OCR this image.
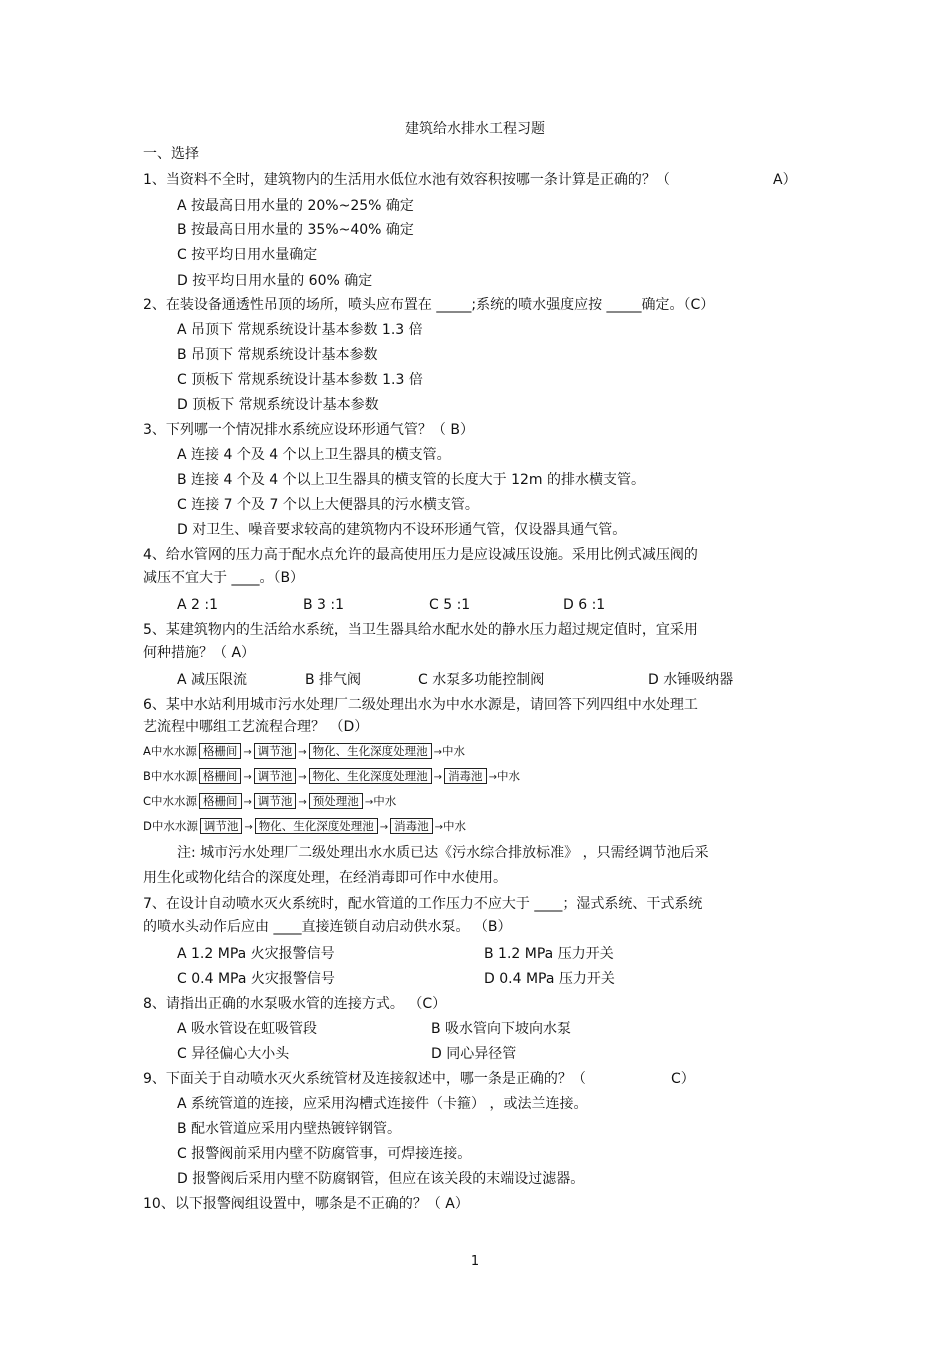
建筑给水排水工程习题
一、选择
1、当资料不全时，建筑物内的生活用水低位水池有效容积按哪一条计算是正确的？（	A）
A 按最高日用水量的 20%~25% 确定
B 按最高日用水量的 35%~40% 确定
C 按平均日用水量确定
D 按平均日用水量的 60% 确定
2、在装设备通透性吊顶的场所，喷头应布置在 _____;系统的喷水强度应按 _____确定。（C）
A 吊顶下 常规系统设计基本参数 1.3 倍
B 吊顶下 常规系统设计基本参数
C 顶板下 常规系统设计基本参数 1.3 倍
D 顶板下 常规系统设计基本参数
3、下列哪一个情况排水系统应设环形通气管？（ B）
A 连接 4 个及 4 个以上卫生器具的横支管。
B 连接 4 个及 4 个以上卫生器具的横支管的长度大于 12m 的排水横支管。
C 连接 7 个及 7 个以上大便器具的污水横支管。
D 对卫生、噪音要求较高的建筑物内不设环形通气管，仅设器具通气管。
4、给水管网的压力高于配水点允许的最高使用压力是应设减压设施。采用比例式减压阀的
减压不宜大于 ____。（B）
A 2 :1	B 3 :1	C 5 :1	D 6 :1
5、某建筑物内的生活给水系统，当卫生器具给水配水处的静水压力超过规定值时，宜采用
何种措施？（ A）
A 减压限流	B 排气阀	C 水泵多功能控制阀	D 水锤吸纳器
6、某中水站利用城市污水处理厂二级处理出水为中水水源是，请回答下列四组中水处理工
艺流程中哪组工艺流程合理？ （D）
A中水水源 格栅间 → 调节池 → 物化、生化深度处理池 →中水
B中水水源 格栅间 → 调节池 → 物化、生化深度处理池 → 消毒池 →中水
C中水水源 格栅间 → 调节池 → 预处理池 →中水
D中水水源 调节池 → 物化、生化深度处理池 → 消毒池 →中水
注: 城市污水处理厂二级处理出水水质已达《污水综合排放标准》 ，只需经调节池后采
用生化或物化结合的深度处理，在经消毒即可作中水使用。
7、在设计自动喷水灭火系统时，配水管道的工作压力不应大于 ____；湿式系统、干式系统
的喷水头动作后应由 ____直接连锁自动启动供水泵。 （B）
A 1.2 MPa 火灾报警信号	B 1.2 MPa 压力开关
C 0.4 MPa 火灾报警信号	D 0.4 MPa 压力开关
8、请指出正确的水泵吸水管的连接方式。 （C）
A 吸水管设在虹吸管段	B 吸水管向下坡向水泵
C 异径偏心大小头	D 同心异径管
9、下面关于自动喷水灭火系统管材及连接叙述中，哪一条是正确的？（	C）
A 系统管道的连接，应采用沟槽式连接件（卡箍） ，或法兰连接。
B 配水管道应采用内壁热镀锌钢管。
C 报警阀前采用内壁不防腐管事，可焊接连接。
D 报警阀后采用内壁不防腐钢管，但应在该关段的末端设过滤器。
10、以下报警阀组设置中，哪条是不正确的？（ A）
1
